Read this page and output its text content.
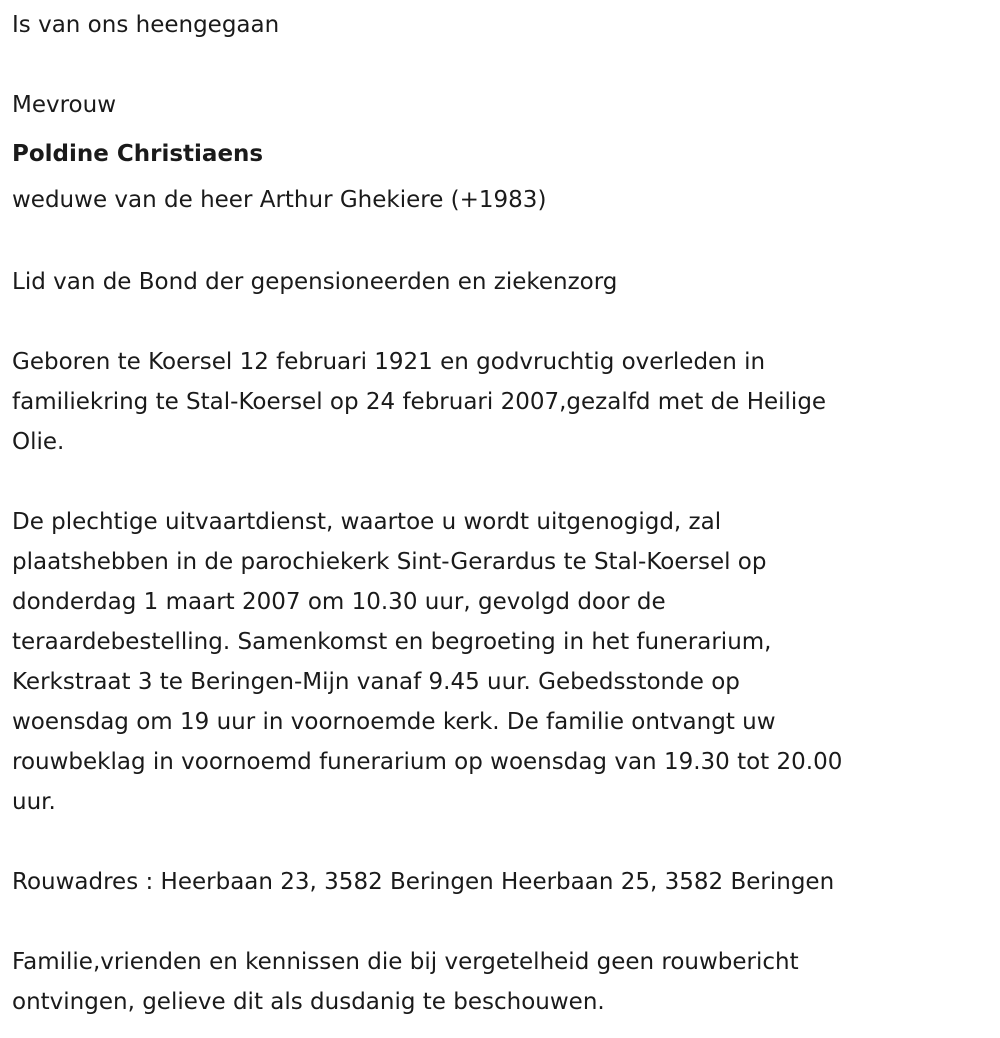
Is van ons heengegaan
Mevrouw
Poldine Christiaens
weduwe van de heer Arthur Ghekiere (+1983)
Lid van de Bond der gepensioneerden en ziekenzorg
Geboren te Koersel 12 februari 1921 en godvruchtig overleden in
familiekring te Stal-Koersel op 24 februari 2007,gezalfd met de Heilige
Olie.
De plechtige uitvaartdienst, waartoe u wordt uitgenogigd, zal
plaatshebben in de parochiekerk Sint-Gerardus te Stal-Koersel op
donderdag 1 maart 2007 om 10.30 uur, gevolgd door de
teraardebestelling. Samenkomst en begroeting in het funerarium,
Kerkstraat 3 te Beringen-Mijn vanaf 9.45 uur. Gebedsstonde op
woensdag om 19 uur in voornoemde kerk. De familie ontvangt uw
rouwbeklag in voornoemd funerarium op woensdag van 19.30 tot 20.00
uur.
Rouwadres : Heerbaan 23, 3582 Beringen Heerbaan 25, 3582 Beringen
Familie,vrienden en kennissen die bij vergetelheid geen rouwbericht
ontvingen, gelieve dit als dusdanig te beschouwen.
